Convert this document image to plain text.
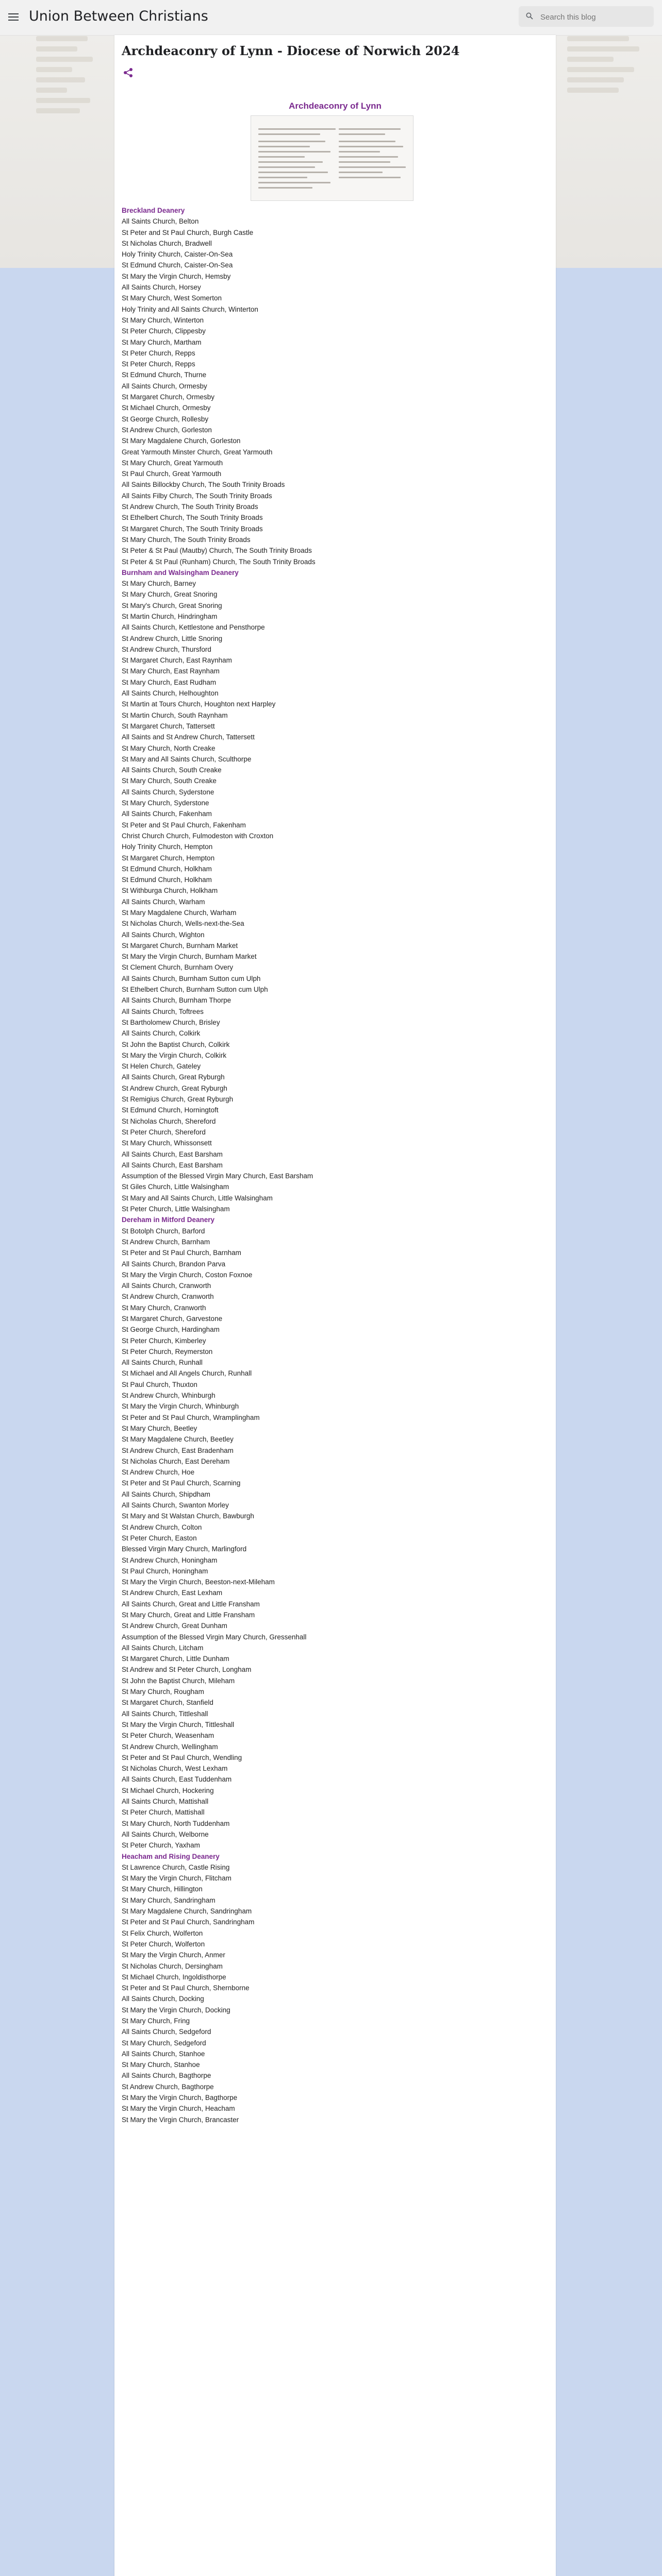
Union Between Christians
Search this blog
Archdeaconry of Lynn - Diocese of Norwich 2024
Archdeaconry of Lynn
Breckland Deanery
All Saints Church, Belton
St Peter and St Paul Church, Burgh Castle
St Nicholas Church, Bradwell
Holy Trinity Church, Caister-On-Sea
St Edmund Church, Caister-On-Sea
St Mary the Virgin Church, Hemsby
All Saints Church, Horsey
St Mary Church, West Somerton
Holy Trinity and All Saints Church, Winterton
St Mary Church, Winterton
St Peter Church, Clippesby
St Mary Church, Martham
St Peter Church, Repps
St Peter Church, Repps
St Edmund Church, Thurne
All Saints Church, Ormesby
St Margaret Church, Ormesby
St Michael Church, Ormesby
St George Church, Rollesby
St Andrew Church, Gorleston
St Mary Magdalene Church, Gorleston
Great Yarmouth Minster Church, Great Yarmouth
St Mary Church, Great Yarmouth
St Paul Church, Great Yarmouth
All Saints Billockby Church, The South Trinity Broads
All Saints Filby Church, The South Trinity Broads
St Andrew Church, The South Trinity Broads
St Ethelbert Church, The South Trinity Broads
St Margaret Church, The South Trinity Broads
St Mary Church, The South Trinity Broads
St Peter & St Paul (Mautby) Church, The South Trinity Broads
St Peter & St Paul (Runham) Church, The South Trinity Broads
Burnham and Walsingham Deanery
St Mary Church, Barney
St Mary Church, Great Snoring
St Mary's Church, Great Snoring
St Martin Church, Hindringham
All Saints Church, Kettlestone and Pensthorpe
St Andrew Church, Little Snoring
St Andrew Church, Thursford
St Margaret Church, East Raynham
St Mary Church, East Raynham
St Mary Church, East Rudham
All Saints Church, Helhoughton
St Martin at Tours Church, Houghton next Harpley
St Martin Church, South Raynham
St Margaret Church, Tattersett
All Saints and St Andrew Church, Tattersett
St Mary Church, North Creake
St Mary and All Saints Church, Sculthorpe
All Saints Church, South Creake
St Mary Church, South Creake
All Saints Church, Syderstone
St Mary Church, Syderstone
All Saints Church, Fakenham
St Peter and St Paul Church, Fakenham
Christ Church Church, Fulmodeston with Croxton
Holy Trinity Church, Hempton
St Margaret Church, Hempton
St Edmund Church, Holkham
St Edmund Church, Holkham
St Withburga Church, Holkham
All Saints Church, Warham
St Mary Magdalene Church, Warham
St Nicholas Church, Wells-next-the-Sea
All Saints Church, Wighton
St Margaret Church, Burnham Market
St Mary the Virgin Church, Burnham Market
St Clement Church, Burnham Overy
All Saints Church, Burnham Sutton cum Ulph
St Ethelbert Church, Burnham Sutton cum Ulph
All Saints Church, Burnham Thorpe
All Saints Church, Toftrees
St Bartholomew Church, Brisley
All Saints Church, Colkirk
St John the Baptist Church, Colkirk
St Mary the Virgin Church, Colkirk
St Helen Church, Gateley
All Saints Church, Great Ryburgh
St Andrew Church, Great Ryburgh
St Remigius Church, Great Ryburgh
St Edmund Church, Horningtoft
St Nicholas Church, Shereford
St Peter Church, Shereford
St Mary Church, Whissonsett
All Saints Church, East Barsham
All Saints Church, East Barsham
Assumption of the Blessed Virgin Mary Church, East Barsham
St Giles Church, Little Walsingham
St Mary and All Saints Church, Little Walsingham
St Peter Church, Little Walsingham
Dereham in Mitford Deanery
St Botolph Church, Barford
St Andrew Church, Barnham
St Peter and St Paul Church, Barnham
All Saints Church, Brandon Parva
St Mary the Virgin Church, Coston Foxnoe
All Saints Church, Cranworth
St Andrew Church, Cranworth
St Mary Church, Cranworth
St Margaret Church, Garvestone
St George Church, Hardingham
St Peter Church, Kimberley
St Peter Church, Reymerston
All Saints Church, Runhall
St Michael and All Angels Church, Runhall
St Paul Church, Thuxton
St Andrew Church, Whinburgh
St Mary the Virgin Church, Whinburgh
St Peter and St Paul Church, Wramplingham
St Mary Church, Beetley
St Mary Magdalene Church, Beetley
St Andrew Church, East Bradenham
St Nicholas Church, East Dereham
St Andrew Church, Hoe
St Peter and St Paul Church, Scarning
All Saints Church, Shipdham
All Saints Church, Swanton Morley
St Mary and St Walstan Church, Bawburgh
St Andrew Church, Colton
St Peter Church, Easton
Blessed Virgin Mary Church, Marlingford
St Andrew Church, Honingham
St Paul Church, Honingham
St Mary the Virgin Church, Beeston-next-Mileham
St Andrew Church, East Lexham
All Saints Church, Great and Little Fransham
St Mary Church, Great and Little Fransham
St Andrew Church, Great Dunham
Assumption of the Blessed Virgin Mary Church, Gressenhall
All Saints Church, Litcham
St Margaret Church, Little Dunham
St Andrew and St Peter Church, Longham
St John the Baptist Church, Mileham
St Mary Church, Rougham
St Margaret Church, Stanfield
All Saints Church, Tittleshall
St Mary the Virgin Church, Tittleshall
St Peter Church, Weasenham
St Andrew Church, Wellingham
St Peter and St Paul Church, Wendling
St Nicholas Church, West Lexham
All Saints Church, East Tuddenham
St Michael Church, Hockering
All Saints Church, Mattishall
St Peter Church, Mattishall
St Mary Church, North Tuddenham
All Saints Church, Welborne
St Peter Church, Yaxham
Heacham and Rising Deanery
St Lawrence Church, Castle Rising
St Mary the Virgin Church, Flitcham
St Mary Church, Hillington
St Mary Church, Sandringham
St Mary Magdalene Church, Sandringham
St Peter and St Paul Church, Sandringham
St Felix Church, Wolferton
St Peter Church, Wolferton
St Mary the Virgin Church, Anmer
St Nicholas Church, Dersingham
St Michael Church, Ingoldisthorpe
St Peter and St Paul Church, Shernborne
All Saints Church, Docking
St Mary the Virgin Church, Docking
St Mary Church, Fring
All Saints Church, Sedgeford
St Mary Church, Sedgeford
All Saints Church, Stanhoe
St Mary Church, Stanhoe
All Saints Church, Bagthorpe
St Andrew Church, Bagthorpe
St Mary the Virgin Church, Bagthorpe
St Mary the Virgin Church, Heacham
St Mary the Virgin Church, Brancaster
